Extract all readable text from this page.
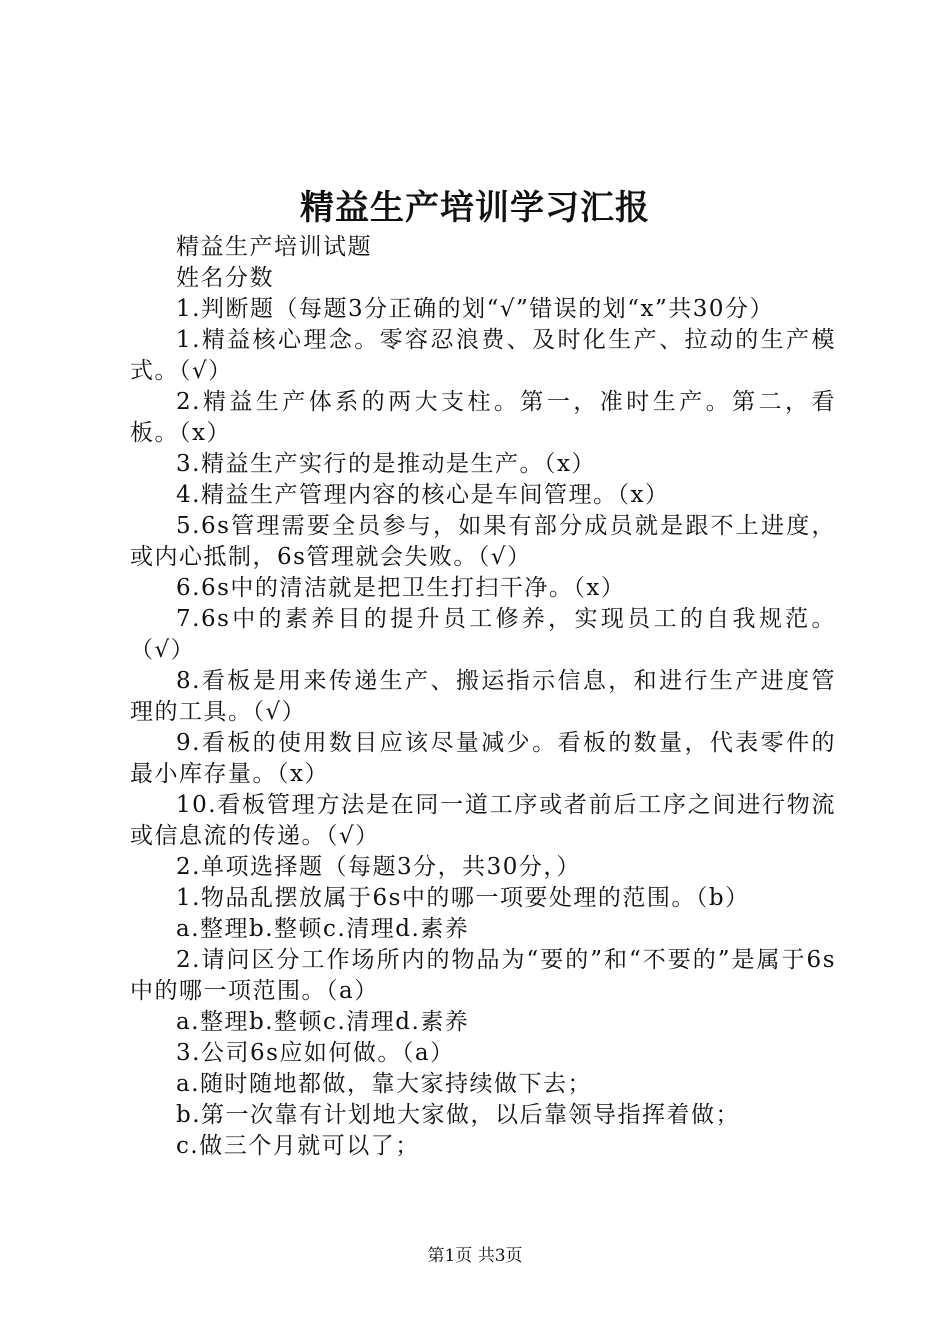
精益生产培训学习汇报

精益生产培训试题

姓名分数

1.判断题（每题3分正确的划“√”错误的划“x”共30分）

1.精益核心理念。零容忍浪费、及时化生产、拉动的生产模式。（√）

2.精益生产体系的两大支柱。第一，准时生产。第二，看板。（x）

3.精益生产实行的是推动是生产。（x）

4.精益生产管理内容的核心是车间管理。（x）

5.6s管理需要全员参与，如果有部分成员就是跟不上进度，或内心抵制，6s管理就会失败。（√）

6.6s中的清洁就是把卫生打扫干净。（x）

7.6s中的素养目的提升员工修养，实现员工的自我规范。（√）

8.看板是用来传递生产、搬运指示信息，和进行生产进度管理的工具。（√）

9.看板的使用数目应该尽量减少。看板的数量，代表零件的最小库存量。（x）

10.看板管理方法是在同一道工序或者前后工序之间进行物流或信息流的传递。（√）

2.单项选择题（每题3分，共30分，）

1.物品乱摆放属于6s中的哪一项要处理的范围。（b）

a.整理b.整顿c.清理d.素养

2.请问区分工作场所内的物品为“要的”和“不要的”是属于6s中的哪一项范围。（a）

a.整理b.整顿c.清理d.素养

3.公司6s应如何做。（a）

a.随时随地都做，靠大家持续做下去；

b.第一次靠有计划地大家做，以后靠领导指挥着做；

c.做三个月就可以了；

第1页 共3页
